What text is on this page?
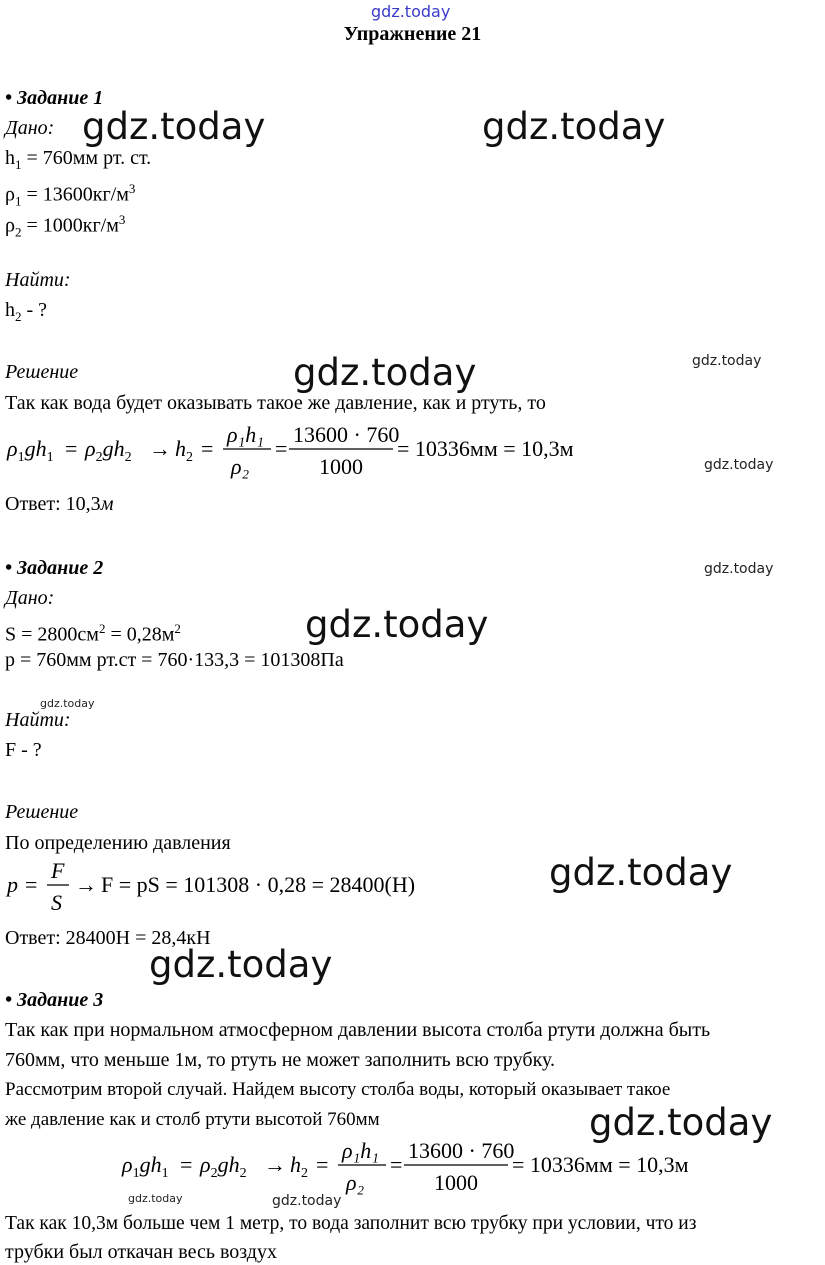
gdz.today
Упражнение 21
• Задание 1
Дано:
$h_1 = 760мм$ рт. ст.
$\rho_1 = 13600кг/м^3$
$\rho_2 = 1000кг/м^3$
Найти:
$h_2$ - ?
Решение
Так как вода будет оказывать такое же давление, как и ртуть, то
$\rho_1gh_1 = \rho_2gh_2 \to h_2$ =
ρ₁h₁
ρ₂
=
13600 · 760
1000
= 10336мм = 10,3м
Ответ: 10,3м
• Задание 2
Дано:
$S = 2800см^2 = 0,28м^2$
p = 760мм рт.ст = 760·133,3 = 101308Па
Найти:
F - ?
Решение
По определению давления
p =
F
S
→ F = pS = 101308 · 0,28 = 28400(H)
Ответ: 28400Н = 28,4кН
• Задание 3
Так как при нормальном атмосферном давлении высота столба ртути должна быть
760мм, что меньше 1м, то ртуть не может заполнить всю трубку.
Рассмотрим второй случай. Найдем высоту столба воды, который оказывает такое
же давление как и столб ртути высотой 760мм
$\rho_1gh_1 = \rho_2gh_2 \to h_2$ =
ρ₁h₁
ρ₂
=
13600 · 760
1000
= 10336мм = 10,3м
Так как 10,3м больше чем 1 метр, то вода заполнит всю трубку при условии, что из
трубки был откачан весь воздух
gdz.today	gdz.today
gdz.today
gdz.today
gdz.today
gdz.today
gdz.today
gdz.today
gdz.today
gdz.today
gdz.today
gdz.today	gdz.today
